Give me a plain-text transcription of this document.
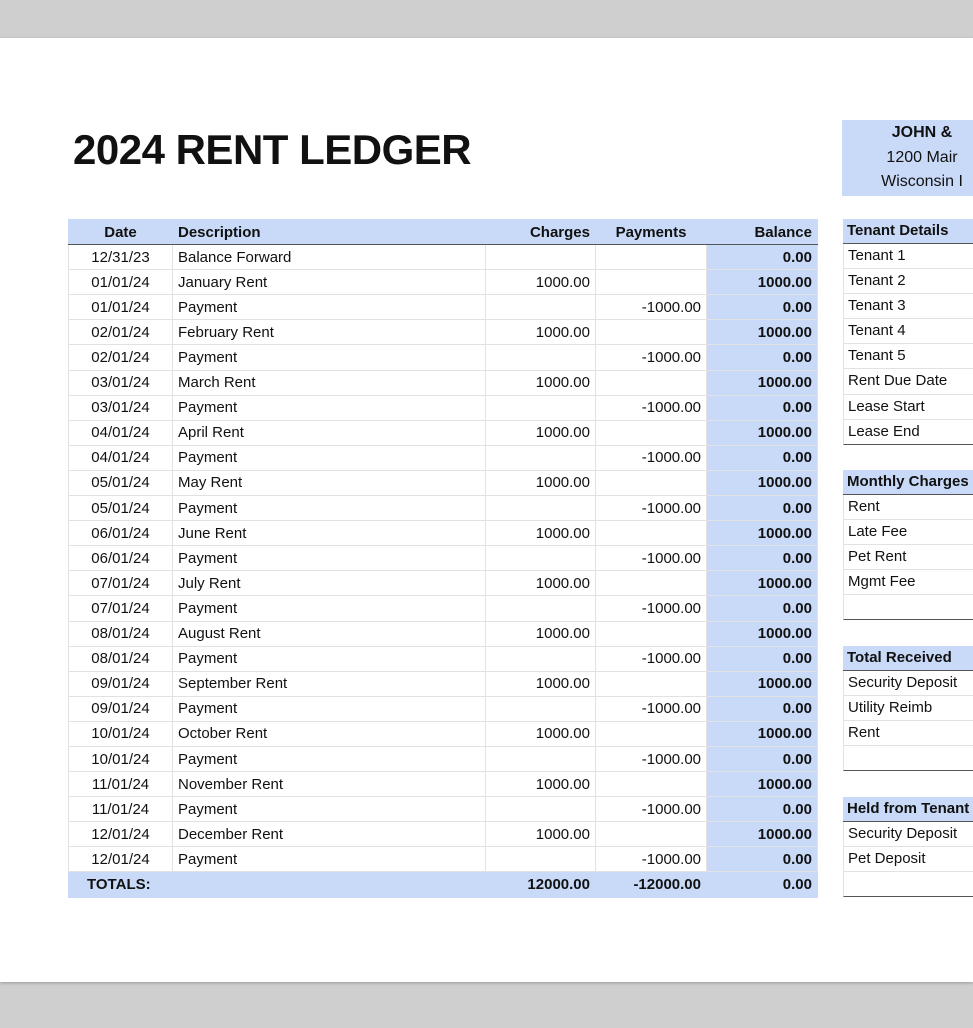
2024 RENT LEDGER	JOHN &
1200 Mair
Wisconsin I
Date	Description	Charges	Payments	Balance
12/31/23	Balance Forward			0.00
01/01/24	January Rent	1000.00		1000.00
01/01/24	Payment		-1000.00	0.00
02/01/24	February Rent	1000.00		1000.00
02/01/24	Payment		-1000.00	0.00
03/01/24	March Rent	1000.00		1000.00
03/01/24	Payment		-1000.00	0.00
04/01/24	April Rent	1000.00		1000.00
04/01/24	Payment		-1000.00	0.00
05/01/24	May Rent	1000.00		1000.00
05/01/24	Payment		-1000.00	0.00
06/01/24	June Rent	1000.00		1000.00
06/01/24	Payment		-1000.00	0.00
07/01/24	July Rent	1000.00		1000.00
07/01/24	Payment		-1000.00	0.00
08/01/24	August Rent	1000.00		1000.00
08/01/24	Payment		-1000.00	0.00
09/01/24	September Rent	1000.00		1000.00
09/01/24	Payment		-1000.00	0.00
10/01/24	October Rent	1000.00		1000.00
10/01/24	Payment		-1000.00	0.00
11/01/24	November Rent	1000.00		1000.00
11/01/24	Payment		-1000.00	0.00
12/01/24	December Rent	1000.00		1000.00
12/01/24	Payment		-1000.00	0.00
TOTALS:		12000.00	-12000.00	0.00
Tenant Details
Tenant 1
Tenant 2
Tenant 3
Tenant 4
Tenant 5
Rent Due Date
Lease Start
Lease End
Monthly Charges
Rent
Late Fee
Pet Rent
Mgmt Fee
Total Received
Security Deposit
Utility Reimb
Rent
Held from Tenant
Security Deposit
Pet Deposit
